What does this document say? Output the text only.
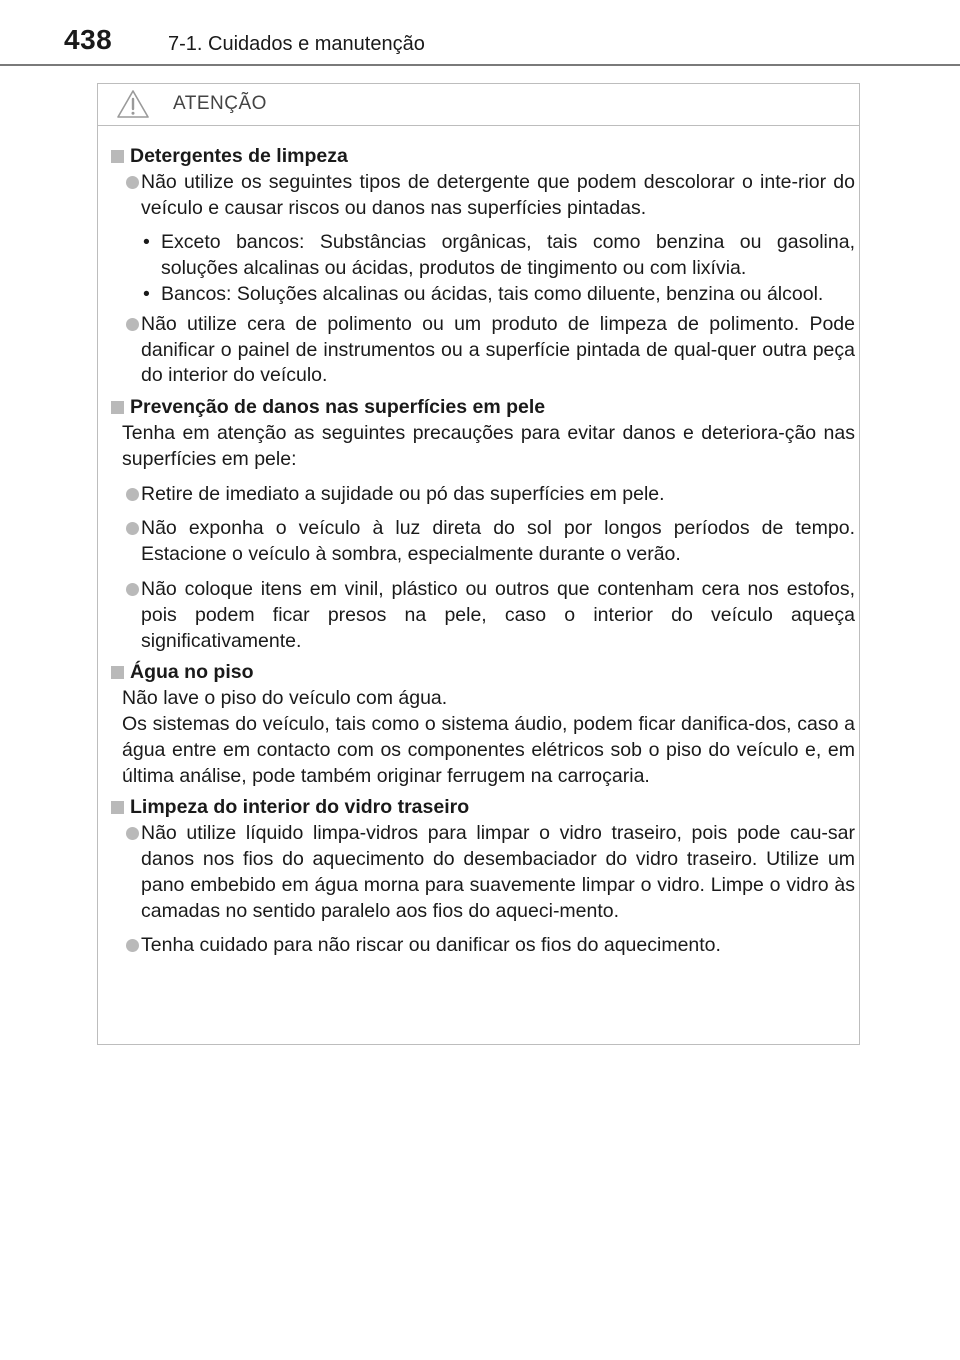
438	7-1. Cuidados e manutenção
ATENÇÃO
Detergentes de limpeza
Não utilize os seguintes tipos de detergente que podem descolorar o inte-rior do veículo e causar riscos ou danos nas superfícies pintadas.
• Exceto bancos: Substâncias orgânicas, tais como benzina ou gasolina, soluções alcalinas ou ácidas, produtos de tingimento ou com lixívia.
• Bancos: Soluções alcalinas ou ácidas, tais como diluente, benzina ou álcool.
Não utilize cera de polimento ou um produto de limpeza de polimento. Pode danificar o painel de instrumentos ou a superfície pintada de qual-quer outra peça do interior do veículo.
Prevenção de danos nas superfícies em pele
Tenha em atenção as seguintes precauções para evitar danos e deteriora-ção nas superfícies em pele:
Retire de imediato a sujidade ou pó das superfícies em pele.
Não exponha o veículo à luz direta do sol por longos períodos de tempo. Estacione o veículo à sombra, especialmente durante o verão.
Não coloque itens em vinil, plástico ou outros que contenham cera nos estofos, pois podem ficar presos na pele, caso o interior do veículo aqueça significativamente.
Água no piso
Não lave o piso do veículo com água.
Os sistemas do veículo, tais como o sistema áudio, podem ficar danifica-dos, caso a água entre em contacto com os componentes elétricos sob o piso do veículo e, em última análise, pode também originar ferrugem na carroçaria.
Limpeza do interior do vidro traseiro
Não utilize líquido limpa-vidros para limpar o vidro traseiro, pois pode cau-sar danos nos fios do aquecimento do desembaciador do vidro traseiro. Utilize um pano embebido em água morna para suavemente limpar o vidro. Limpe o vidro às camadas no sentido paralelo aos fios do aqueci-mento.
Tenha cuidado para não riscar ou danificar os fios do aquecimento.
